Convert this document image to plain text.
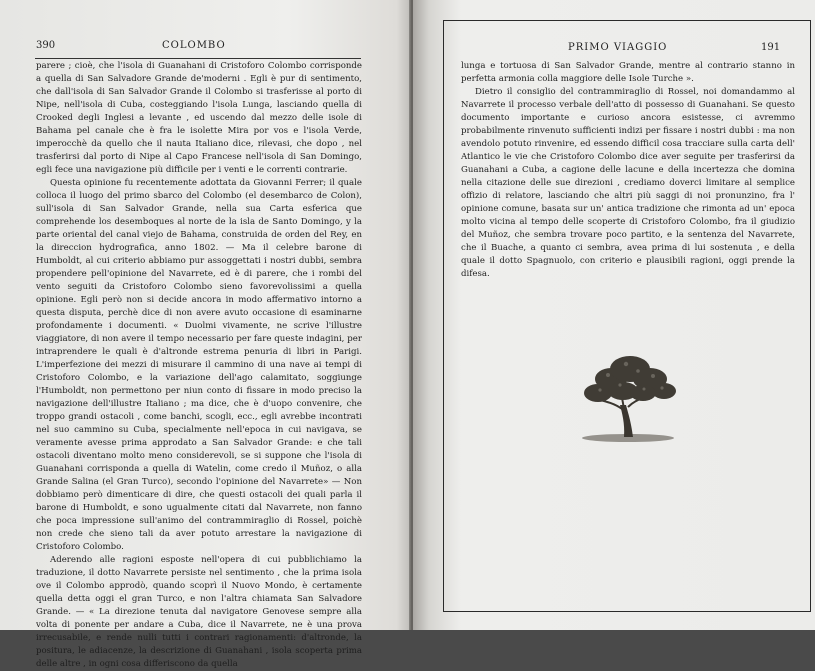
390	COLOMBO

parere ; cioè, che l'isola di Guanahani di Cristoforo Colombo corrisponde a quella di San Salvadore Grande de'moderni . Egli è pur di sentimento, che dall'isola di San Salvador Grande il Colombo si trasferisse al porto di Nipe, nell'isola di Cuba, costeggiando l'isola Lunga, lasciando quella di Crooked degli Inglesi a levante , ed uscendo dal mezzo delle isole di Bahama pel canale che è fra le isolette Mira por vos e l'isola Verde, imperocchè da quello che il nauta Italiano dice, rilevasi, che dopo , nel trasferirsi dal porto di Nipe al Capo Francese nell'isola di San Domingo, egli fece una navigazione più difficile per i venti e le correnti contrarie.

Questa opinione fu recentemente adottata da Giovanni Ferrer; il quale colloca il luogo del primo sbarco del Colombo (el desembarco de Colon), sull'isola di San Salvador Grande, nella sua Carta esferica que comprehende los desemboques al norte de la isla de Santo Domingo, y la parte oriental del canal viejo de Bahama, construida de orden del Rey, en la direccion hydrografica, anno 1802. — Ma il celebre barone di Humboldt, al cui criterio abbiamo pur assoggettati i nostri dubbi, sembra propendere pell'opinione del Navarrete, ed è di parere, che i rombi del vento seguiti da Cristoforo Colombo sieno favorevolissimi a quella opinione. Egli però non si decide ancora in modo affermativo intorno a questa disputa, perchè dice di non avere avuto occasione di esaminarne profondamente i documenti. « Duolmi vivamente, ne scrive l'illustre viaggiatore, di non avere il tempo necessario per fare queste indagini, per intraprendere le quali è d'altronde estrema penuria di libri in Parigi. L'imperfezione dei mezzi di misurare il cammino di una nave ai tempi di Cristoforo Colombo, e la variazione dell'ago calamitato, soggiunge l'Humboldt, non permettono per niun conto di fissare in modo preciso la navigazione dell'illustre Italiano ; ma dice, che è d'uopo convenire, che troppo grandi ostacoli , come banchi, scogli, ecc., egli avrebbe incontrati nel suo cammino su Cuba, specialmente nell'epoca in cui navigava, se veramente avesse prima approdato a San Salvador Grande: e che tali ostacoli diventano molto meno considerevoli, se si suppone che l'isola di Guanahani corrisponda a quella di Watelin, come credo il Muñoz, o alla Grande Salina (el Gran Turco), secondo l'opinione del Navarrete» — Non dobbiamo però dimenticare di dire, che questi ostacoli dei quali parla il barone di Humboldt, e sono ugualmente citati dal Navarrete, non fanno che poca impressione sull'animo del contrammiraglio di Rossel, poichè non crede che sieno tali da aver potuto arrestare la navigazione di Cristoforo Colombo.

Aderendo alle ragioni esposte nell'opera di cui pubblichiamo la traduzione, il dotto Navarrete persiste nel sentimento , che la prima isola ove il Colombo approdò, quando scoprì il Nuovo Mondo, è certamente quella detta oggi el gran Turco, e non l'altra chiamata San Salvadore Grande. — « La direzione tenuta dal navigatore Genovese sempre alla volta di ponente per andare a Cuba, dice il Navarrete, ne è una prova irrecusabile, e rende nulli tutti i contrari ragionamenti: d'altronde, la positura, le adiacenze, la descrizione di Guanahani , isola scoperta prima delle altre , in ogni cosa differiscono da quella

PRIMO VIAGGIO	191

lunga e tortuosa di San Salvador Grande, mentre al contrario stanno in perfetta armonia colla maggiore delle Isole Turche ».

Dietro il consiglio del contrammiraglio di Rossel, noi domandammo al Navarrete il processo verbale dell'atto di possesso di Guanahani. Se questo documento importante e curioso ancora esistesse, ci avremmo probabilmente rinvenuto sufficienti indizi per fissare i nostri dubbi : ma non avendolo potuto rinvenire, ed essendo difficil cosa tracciare sulla carta dell' Atlantico le vie che Cristoforo Colombo dice aver seguite per trasferirsi da Guanahani a Cuba, a cagione delle lacune e della incertezza che domina nella citazione delle sue direzioni , crediamo doverci limitare al semplice offizio di relatore, lasciando che altri più saggi di noi pronunzino, fra l' opinione comune, basata sur un' antica tradizione che rimonta ad un' epoca molto vicina al tempo delle scoperte di Cristoforo Colombo, fra il giudizio del Muñoz, che sembra trovare poco partito, e la sentenza del Navarrete, che il Buache, a quanto ci sembra, avea prima di lui sostenuta , e della quale il dotto Spagnuolo, con criterio e plausibili ragioni, oggi prende la difesa.
